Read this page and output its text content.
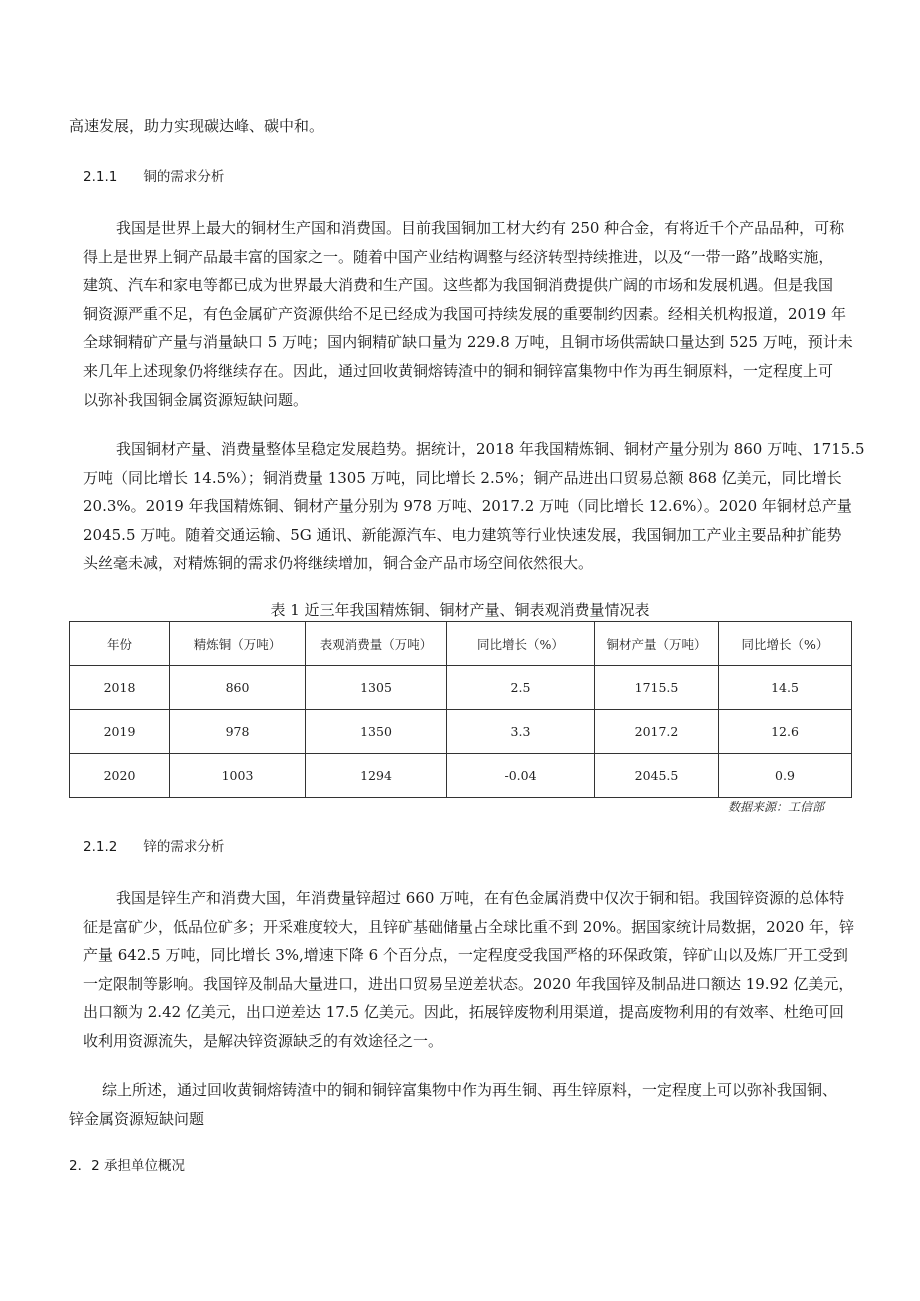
高速发展，助力实现碳达峰、碳中和。
2.1.1 铜的需求分析
我国是世界上最大的铜材生产国和消费国。目前我国铜加工材大约有 250 种合金，有将近千个产品品种，可称
得上是世界上铜产品最丰富的国家之一。随着中国产业结构调整与经济转型持续推进，以及“一带一路”战略实施，
建筑、汽车和家电等都已成为世界最大消费和生产国。这些都为我国铜消费提供广阔的市场和发展机遇。但是我国
铜资源严重不足，有色金属矿产资源供给不足已经成为我国可持续发展的重要制约因素。经相关机构报道，2019 年
全球铜精矿产量与消量缺口 5 万吨；国内铜精矿缺口量为 229.8 万吨，且铜市场供需缺口量达到 525 万吨，预计未
来几年上述现象仍将继续存在。因此，通过回收黄铜熔铸渣中的铜和铜锌富集物中作为再生铜原料，一定程度上可
以弥补我国铜金属资源短缺问题。
我国铜材产量、消费量整体呈稳定发展趋势。据统计，2018 年我国精炼铜、铜材产量分别为 860 万吨、1715.5
万吨（同比增长 14.5%）；铜消费量 1305 万吨，同比增长 2.5%；铜产品进出口贸易总额 868 亿美元，同比增长
20.3%。2019 年我国精炼铜、铜材产量分别为 978 万吨、2017.2 万吨（同比增长 12.6%）。2020 年铜材总产量
2045.5 万吨。随着交通运输、5G 通讯、新能源汽车、电力建筑等行业快速发展，我国铜加工产业主要品种扩能势
头丝毫未减，对精炼铜的需求仍将继续增加，铜合金产品市场空间依然很大。
表 1 近三年我国精炼铜、铜材产量、铜表观消费量情况表
年份	精炼铜（万吨）	表观消费量（万吨）	同比增长（%）	铜材产量（万吨）	同比增长（%）
2018	860	1305	2.5	1715.5	14.5
2019	978	1350	3.3	2017.2	12.6
2020	1003	1294	-0.04	2045.5	0.9
数据来源：工信部
2.1.2 锌的需求分析
我国是锌生产和消费大国，年消费量锌超过 660 万吨，在有色金属消费中仅次于铜和铝。我国锌资源的总体特
征是富矿少，低品位矿多；开采难度较大，且锌矿基础储量占全球比重不到 20%。据国家统计局数据，2020 年，锌
产量 642.5 万吨，同比增长 3%,增速下降 6 个百分点，一定程度受我国严格的环保政策，锌矿山以及炼厂开工受到
一定限制等影响。我国锌及制品大量进口，进出口贸易呈逆差状态。2020 年我国锌及制品进口额达 19.92 亿美元，
出口额为 2.42 亿美元，出口逆差达 17.5 亿美元。因此，拓展锌废物利用渠道，提高废物利用的有效率、杜绝可回
收利用资源流失，是解决锌资源缺乏的有效途径之一。
综上所述，通过回收黄铜熔铸渣中的铜和铜锌富集物中作为再生铜、再生锌原料，一定程度上可以弥补我国铜、
锌金属资源短缺问题
2．2 承担单位概况
